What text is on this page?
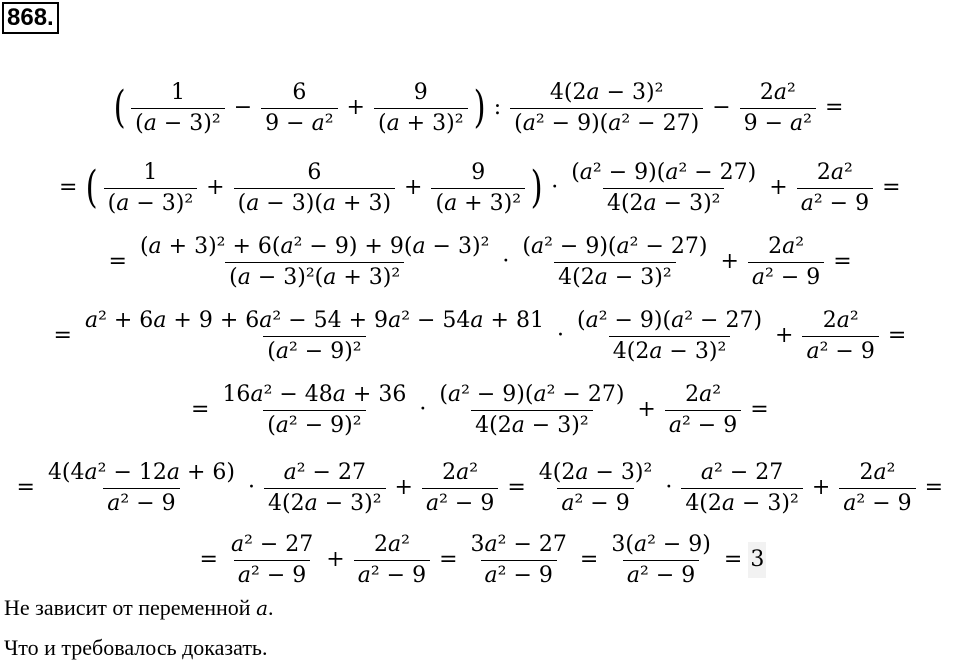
868.
( $\frac{1}{\text{(a − 3)²}} - \frac{6}{\text{9 − a²}} + \frac{9}{\text{(a + 3)²}}$ ) : $\frac{\text{4(2a − 3)²}}{\text{(a² − 9)(a² − 27)}} - \frac{\text{2a²}}{\text{9 − a²}}$ =
= ( $\frac{1}{\text{(a − 3)²}} + \frac{6}{(a - 3)(a + 3)} + \frac{9}{\text{(a + 3)²}}$ ) · $\frac{\text{(a² − 9)(a² − 27)}}{\text{4(2a − 3)²}} + \frac{\text{2a²}}{\text{a² − 9}}$ =
= $\frac{\text{(a + 3)² + 6(a² − 9) + 9(a − 3)²}}{\text{(a − 3)²(a + 3)²}} \cdot \frac{\text{(a² − 9)(a² − 27)}}{\text{4(2a − 3)²}} + \frac{\text{2a²}}{\text{a² − 9}}$ =
= $\frac{\text{a² + 6a + 9 + 6a² − 54 + 9a² − 54a + 81}}{\text{(a² − 9)²}} \cdot \frac{\text{(a² − 9)(a² − 27)}}{\text{4(2a − 3)²}} + \frac{\text{2a²}}{\text{a² − 9}}$ =
= $\frac{\text{16a² − 48a + 36}}{\text{(a² − 9)²}} \cdot \frac{\text{(a² − 9)(a² − 27)}}{\text{4(2a − 3)²}} + \frac{\text{2a²}}{\text{a² − 9}}$ =
= $\frac{\text{4(4a² − 12a + 6)}}{\text{a² − 9}} \cdot \frac{\text{a² − 27}}{\text{4(2a − 3)²}} + \frac{\text{2a²}}{\text{a² − 9}} = \frac{\text{4(2a − 3)²}}{\text{a² − 9}} \cdot \frac{\text{a² − 27}}{\text{4(2a − 3)²}} + \frac{\text{2a²}}{\text{a² − 9}}$ =
= $\frac{\text{a² − 27}}{\text{a² − 9}} + \frac{\text{2a²}}{\text{a² − 9}} = \frac{\text{3a² − 27}}{\text{a² − 9}} = \frac{\text{3(a² − 9)}}{\text{a² − 9}} = 3$
Не зависит от переменной a.
Что и требовалось доказать.
